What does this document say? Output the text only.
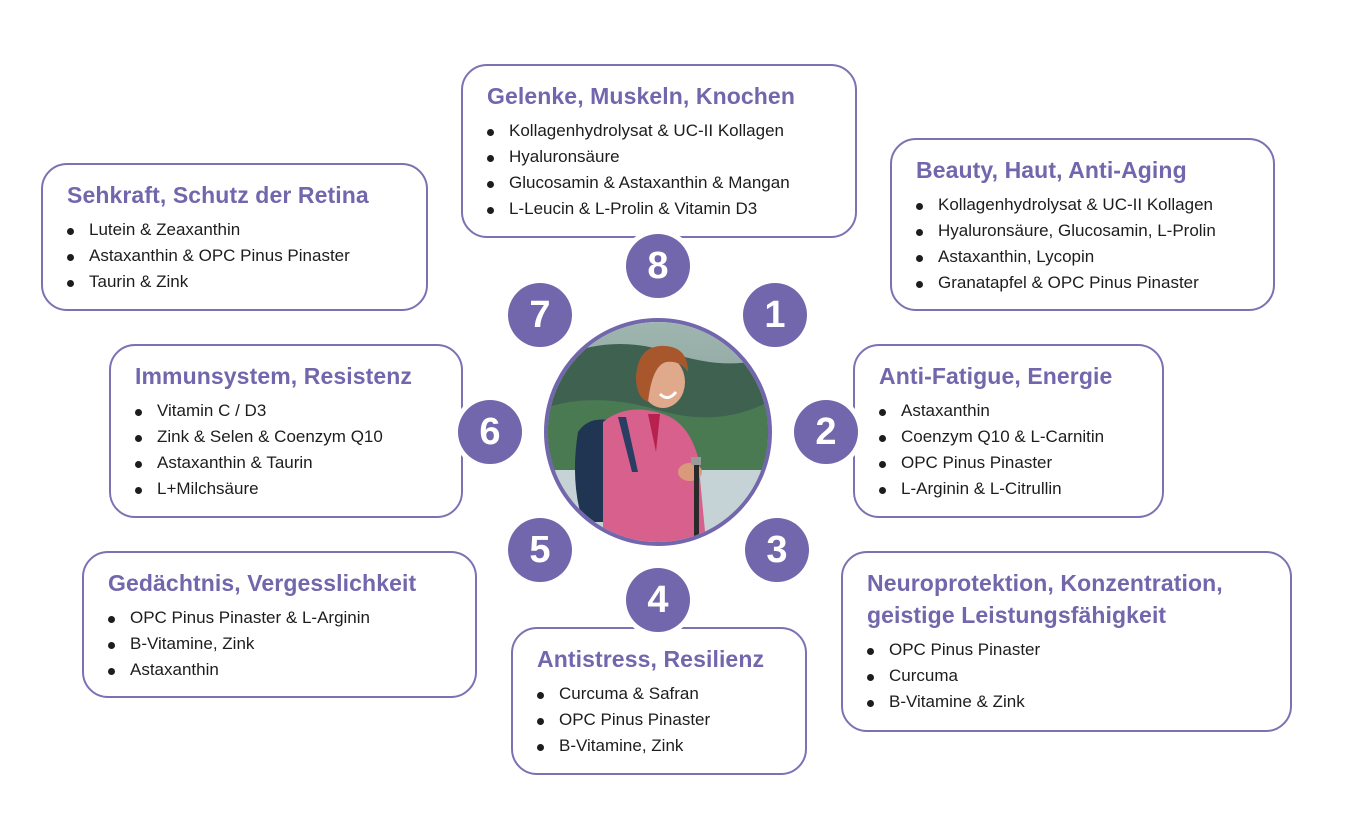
Gelenke, Muskeln, Knochen
Kollagenhydrolysat & UC-II Kollagen
Hyaluronsäure
Glucosamin & Astaxanthin & Mangan
L-Leucin & L-Prolin & Vitamin D3
Sehkraft, Schutz der Retina
Lutein & Zeaxanthin
Astaxanthin & OPC Pinus Pinaster
Taurin & Zink
Beauty, Haut, Anti-Aging
Kollagenhydrolysat & UC-II Kollagen
Hyaluronsäure, Glucosamin, L-Prolin
Astaxanthin, Lycopin
Granatapfel & OPC Pinus Pinaster
Immunsystem, Resistenz
Vitamin C / D3
Zink & Selen & Coenzym Q10
Astaxanthin & Taurin
L+Milchsäure
Anti-Fatigue, Energie
Astaxanthin
Coenzym Q10 & L-Carnitin
OPC Pinus Pinaster
L-Arginin & L-Citrullin
Gedächtnis, Vergesslichkeit
OPC Pinus Pinaster & L-Arginin
B-Vitamine, Zink
Astaxanthin	Antistress, Resilienz
Curcuma & Safran
OPC Pinus Pinaster
B-Vitamine, Zink
Neuroprotektion, Konzentration,
geistige Leistungsfähigkeit
OPC Pinus Pinaster
Curcuma
B-Vitamine & Zink
1
2
3
4
5
6
7
8
